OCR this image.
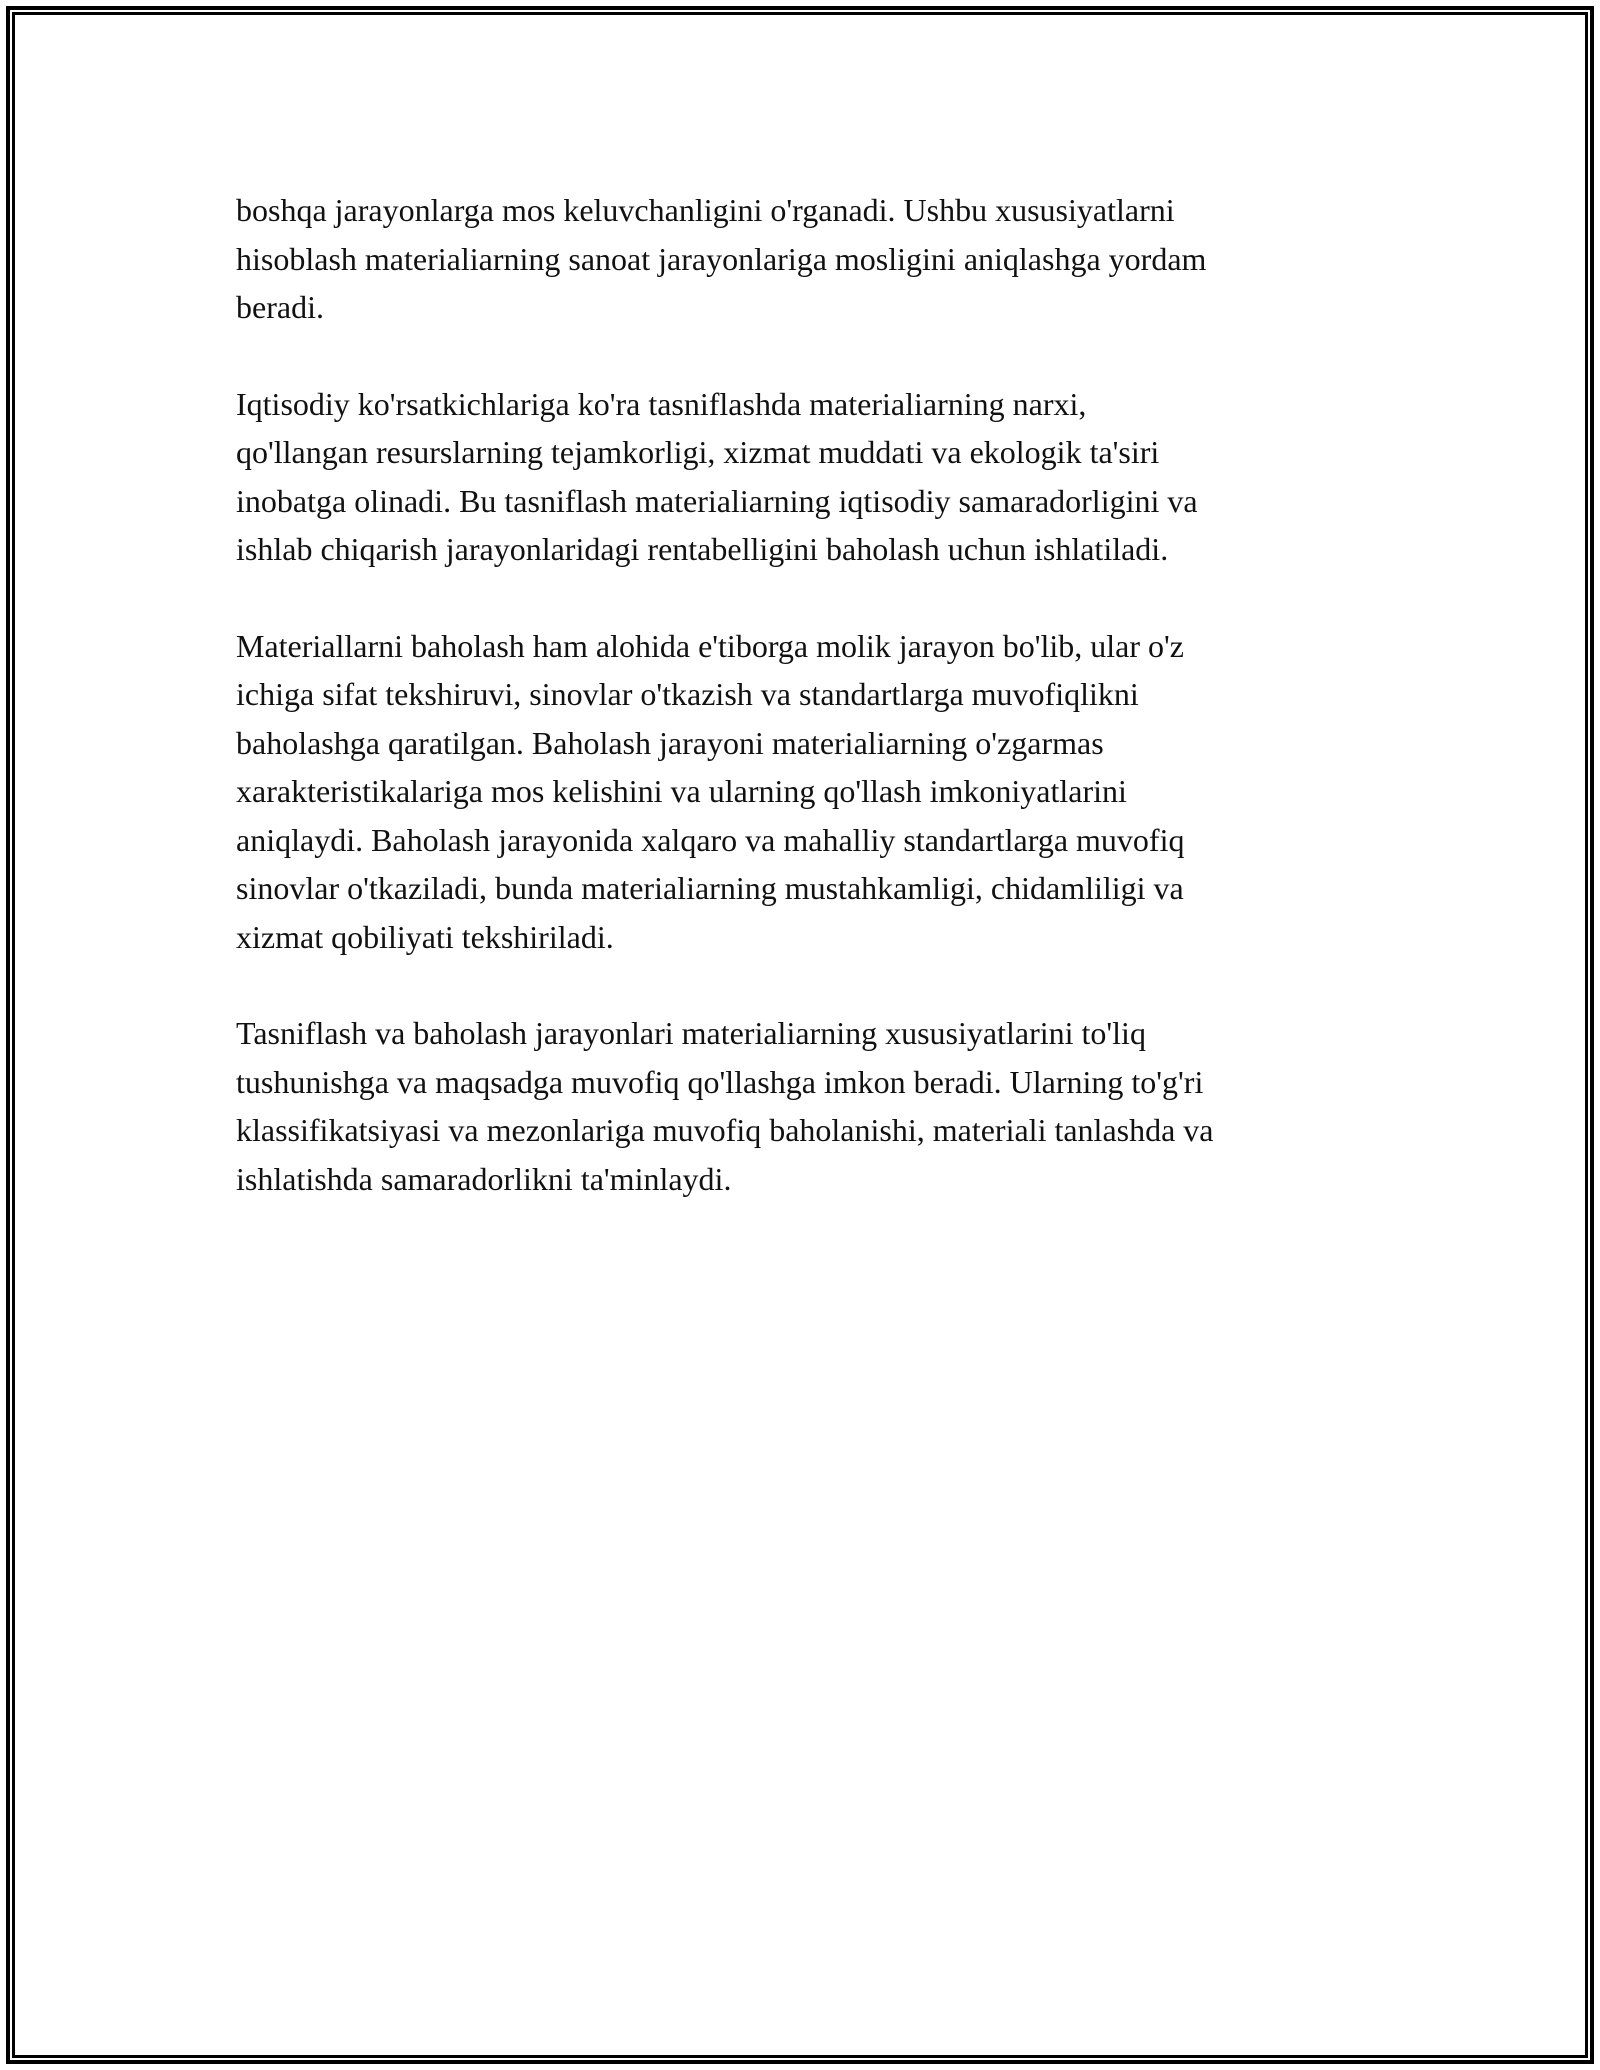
boshqa jarayonlarga mos keluvchanligini o'rganadi. Ushbu xususiyatlarni
hisoblash materialiarning sanoat jarayonlariga mosligini aniqlashga yordam
beradi.

Iqtisodiy ko'rsatkichlariga ko'ra tasniflashda materialiarning narxi,
qo'llangan resurslarning tejamkorligi, xizmat muddati va ekologik ta'siri
inobatga olinadi. Bu tasniflash materialiarning iqtisodiy samaradorligini va
ishlab chiqarish jarayonlaridagi rentabelligini baholash uchun ishlatiladi.

Materiallarni baholash ham alohida e'tiborga molik jarayon bo'lib, ular o'z
ichiga sifat tekshiruvi, sinovlar o'tkazish va standartlarga muvofiqlikni
baholashga qaratilgan. Baholash jarayoni materialiarning o'zgarmas
xarakteristikalariga mos kelishini va ularning qo'llash imkoniyatlarini
aniqlaydi. Baholash jarayonida xalqaro va mahalliy standartlarga muvofiq
sinovlar o'tkaziladi, bunda materialiarning mustahkamligi, chidamliligi va
xizmat qobiliyati tekshiriladi.

Tasniflash va baholash jarayonlari materialiarning xususiyatlarini to'liq
tushunishga va maqsadga muvofiq qo'llashga imkon beradi. Ularning to'g'ri
klassifikatsiyasi va mezonlariga muvofiq baholanishi, materiali tanlashda va
ishlatishda samaradorlikni ta'minlaydi.
